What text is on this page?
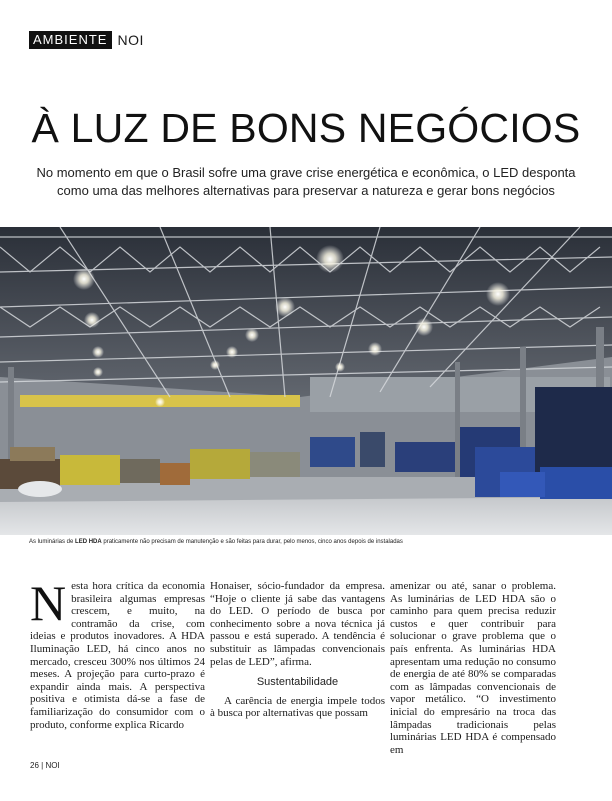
AMBIENTE NOI
À LUZ DE BONS NEGÓCIOS
No momento em que o Brasil sofre uma grave crise energética e econômica, o LED desponta
como uma das melhores alternativas para preservar a natureza e gerar bons negócios
As luminárias de LED HDA praticamente não precisam de manutenção e são feitas para durar, pelo menos, cinco anos depois de instaladas

N esta hora crítica da economia brasileira algumas empresas crescem, e muito, na contramão da crise, com ideias e produtos inovadores. A HDA Iluminação LED, há cinco anos no mercado, cresceu 300% nos últimos 24 meses. A projeção para curto-prazo é expandir ainda mais. A perspectiva positiva e otimista dá-se a fase de familiarização do consumidor com o produto, conforme explica Ricardo

Honaiser, sócio-fundador da empresa. “Hoje o cliente já sabe das vantagens do LED. O período de busca por conhecimento sobre a nova técnica já passou e está superado. A tendência é substituir as lâmpadas convencionais pelas de LED”, afirma.

Sustentabilidade

A carência de energia impele todos à busca por alternativas que possam

amenizar ou até, sanar o problema. As luminárias de LED HDA são o caminho para quem precisa reduzir custos e quer contribuir para solucionar o grave problema que o país enfrenta. As luminárias HDA apresentam uma redução no consumo de energia de até 80% se comparadas com as lâmpadas convencionais de vapor metálico. “O investimento inicial do empresário na troca das lâmpadas tradicionais pelas luminárias LED HDA é compensado em

26 | NOI
